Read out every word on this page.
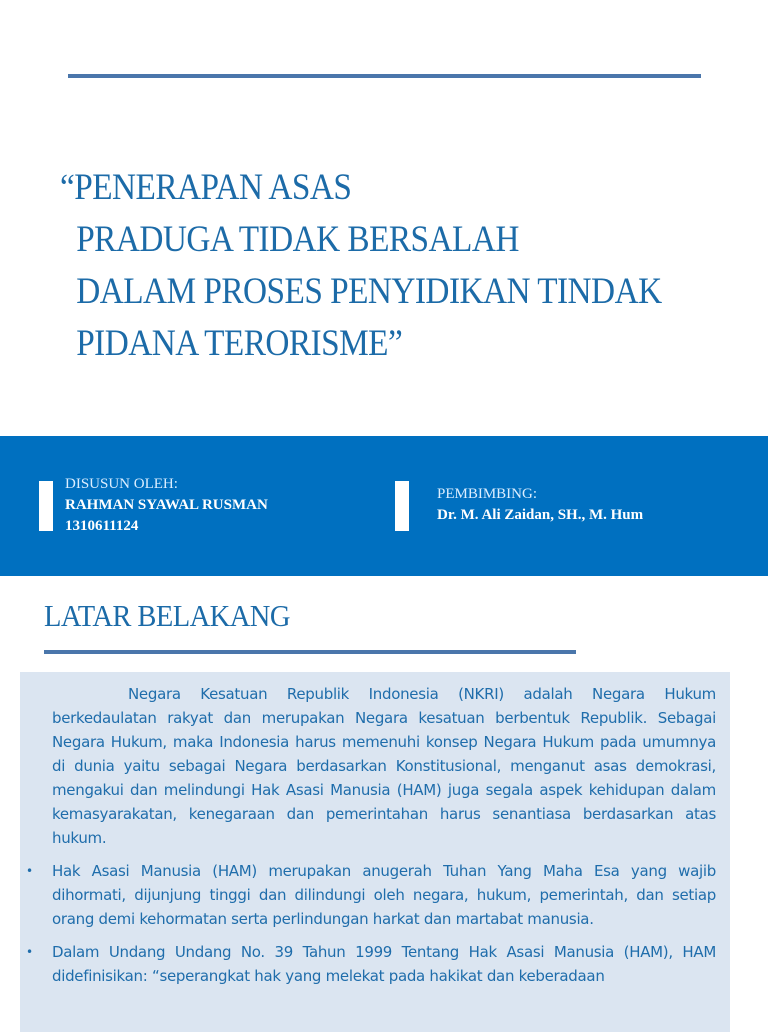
“PENERAPAN ASAS
PRADUGA TIDAK BERSALAH
DALAM PROSES PENYIDIKAN TINDAK
PIDANA TERORISME”
DISUSUN OLEH:
RAHMAN SYAWAL RUSMAN
1310611124
PEMBIMBING:
Dr. M. Ali Zaidan, SH., M. Hum
LATAR BELAKANG

Negara Kesatuan Republik Indonesia (NKRI) adalah Negara Hukum berkedaulatan rakyat dan merupakan Negara kesatuan berbentuk Republik. Sebagai Negara Hukum, maka Indonesia harus memenuhi konsep Negara Hukum pada umumnya di dunia yaitu sebagai Negara berdasarkan Konstitusional, menganut asas demokrasi, mengakui dan melindungi Hak Asasi Manusia (HAM) juga segala aspek kehidupan dalam kemasyarakatan, kenegaraan dan pemerintahan harus senantiasa berdasarkan atas hukum.

• Hak Asasi Manusia (HAM) merupakan anugerah Tuhan Yang Maha Esa yang wajib dihormati, dijunjung tinggi dan dilindungi oleh negara, hukum, pemerintah, dan setiap orang demi kehormatan serta perlindungan harkat dan martabat manusia.
• Dalam Undang Undang No. 39 Tahun 1999 Tentang Hak Asasi Manusia (HAM), HAM didefinisikan: “seperangkat hak yang melekat pada hakikat dan keberadaan
